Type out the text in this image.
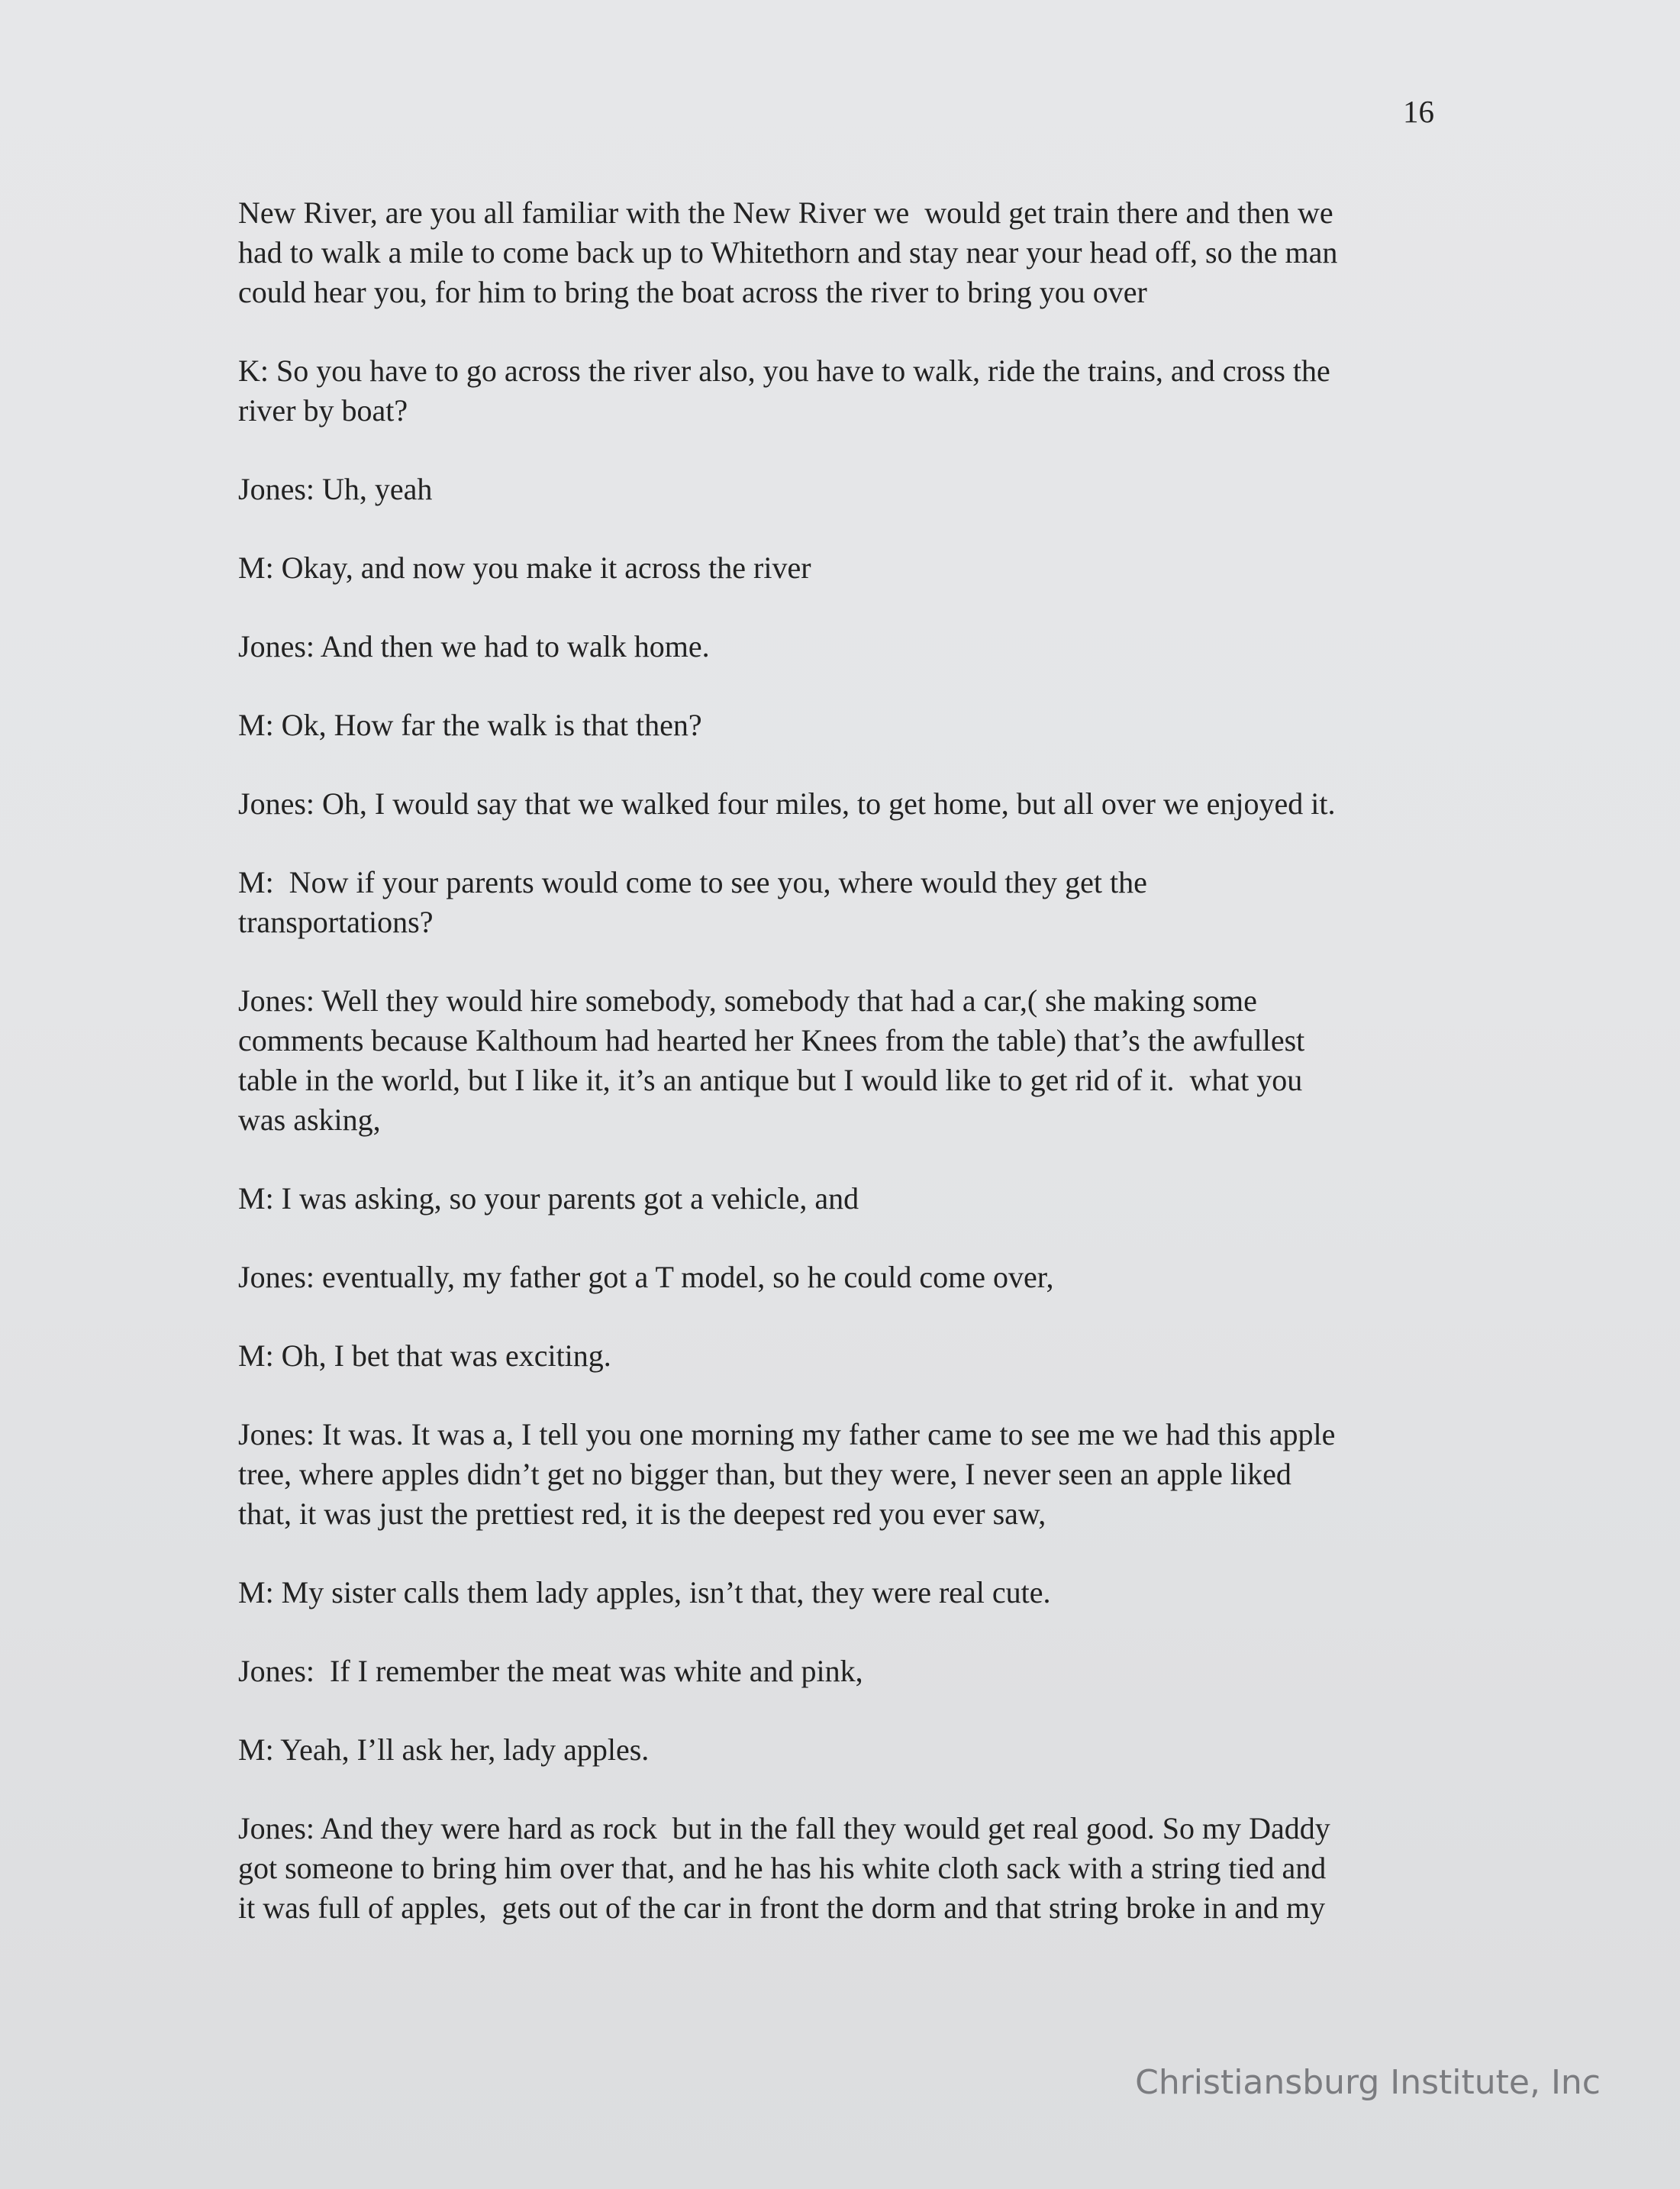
16

New River, are you all familiar with the New River we  would get train there and then we
had to walk a mile to come back up to Whitethorn and stay near your head off, so the man
could hear you, for him to bring the boat across the river to bring you over

K: So you have to go across the river also, you have to walk, ride the trains, and cross the
river by boat?

Jones: Uh, yeah

M: Okay, and now you make it across the river

Jones: And then we had to walk home.

M: Ok, How far the walk is that then?

Jones: Oh, I would say that we walked four miles, to get home, but all over we enjoyed it.

M:  Now if your parents would come to see you, where would they get the
transportations?

Jones: Well they would hire somebody, somebody that had a car,( she making some
comments because Kalthoum had hearted her Knees from the table) that’s the awfullest
table in the world, but I like it, it’s an antique but I would like to get rid of it.  what you
was asking,

M: I was asking, so your parents got a vehicle, and

Jones: eventually, my father got a T model, so he could come over,

M: Oh, I bet that was exciting.

Jones: It was. It was a, I tell you one morning my father came to see me we had this apple
tree, where apples didn’t get no bigger than, but they were, I never seen an apple liked
that, it was just the prettiest red, it is the deepest red you ever saw,

M: My sister calls them lady apples, isn’t that, they were real cute.

Jones:  If I remember the meat was white and pink,

M: Yeah, I’ll ask her, lady apples.

Jones: And they were hard as rock  but in the fall they would get real good. So my Daddy
got someone to bring him over that, and he has his white cloth sack with a string tied and
it was full of apples,  gets out of the car in front the dorm and that string broke in and my

Christiansburg Institute, Inc
